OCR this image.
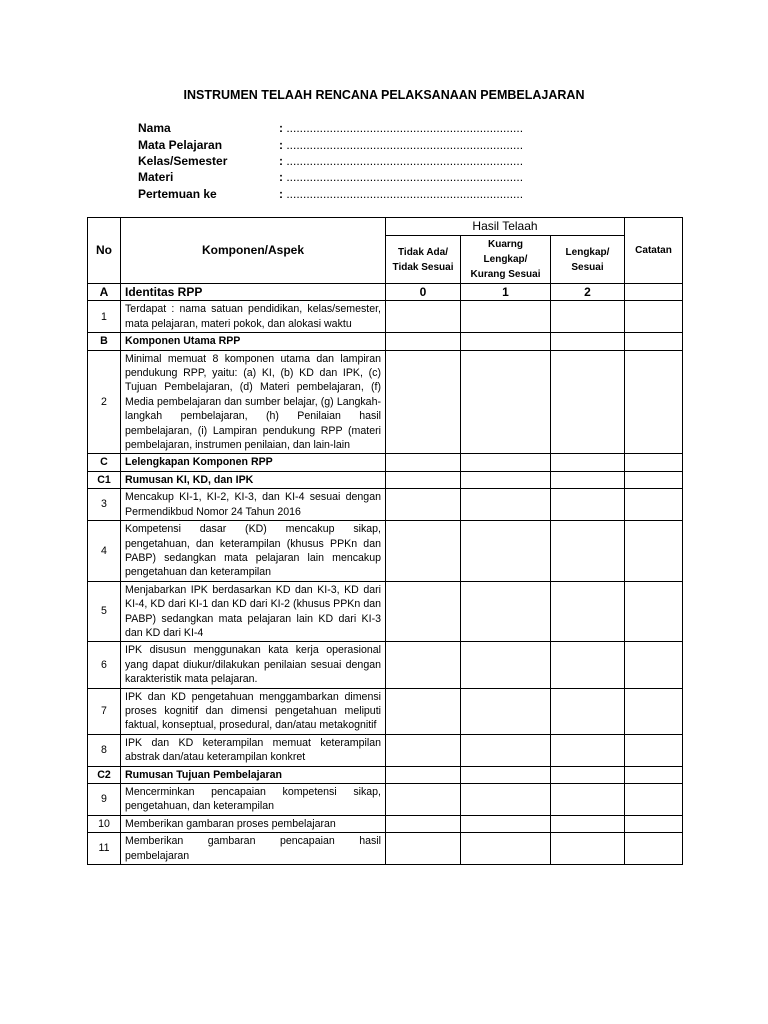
INSTRUMEN TELAAH RENCANA PELAKSANAAN PEMBELAJARAN
Nama	: .......................................................................
Mata Pelajaran	: .......................................................................
Kelas/Semester	: .......................................................................
Materi	: .......................................................................
Pertemuan ke	: .......................................................................
No	Komponen/Aspek	Hasil Telaah			Catatan
		Tidak Ada/ Tidak Sesuai	Kuarng Lengkap/ Kurang Sesuai	Lengkap/ Sesuai	
A	Identitas RPP	0	1	2	
1	Terdapat : nama satuan pendidikan, kelas/semester, mata pelajaran, materi pokok, dan alokasi waktu				
B	Komponen Utama RPP				
2	Minimal memuat 8 komponen utama dan lampiran pendukung RPP, yaitu: (a) KI, (b) KD dan IPK, (c) Tujuan Pembelajaran, (d) Materi pembelajaran, (f) Media pembelajaran dan sumber belajar, (g) Langkah-langkah pembelajaran, (h) Penilaian hasil pembelajaran, (i) Lampiran pendukung RPP (materi pembelajaran, instrumen penilaian, dan lain-lain				
C	Lelengkapan Komponen RPP				
C1	Rumusan KI, KD, dan IPK				
3	Mencakup KI-1, KI-2, KI-3, dan KI-4 sesuai dengan Permendikbud Nomor 24 Tahun 2016				
4	Kompetensi dasar (KD) mencakup sikap, pengetahuan, dan keterampilan (khusus PPKn dan PABP) sedangkan mata pelajaran lain mencakup pengetahuan dan keterampilan				
5	Menjabarkan IPK berdasarkan KD dan KI-3, KD dari KI-4, KD dari KI-1 dan KD dari KI-2 (khusus PPKn dan PABP) sedangkan mata pelajaran lain KD dari KI-3 dan KD dari KI-4				
6	IPK disusun menggunakan kata kerja operasional yang dapat diukur/dilakukan penilaian sesuai dengan karakteristik mata pelajaran.				
7	IPK dan KD pengetahuan menggambarkan dimensi proses kognitif dan dimensi pengetahuan meliputi faktual, konseptual, prosedural, dan/atau metakognitif				
8	IPK dan KD keterampilan memuat keterampilan abstrak dan/atau keterampilan konkret				
C2	Rumusan Tujuan Pembelajaran				
9	Mencerminkan pencapaian kompetensi sikap, pengetahuan, dan keterampilan				
10	Memberikan gambaran proses pembelajaran				
11	Memberikan gambaran pencapaian hasil pembelajaran				
